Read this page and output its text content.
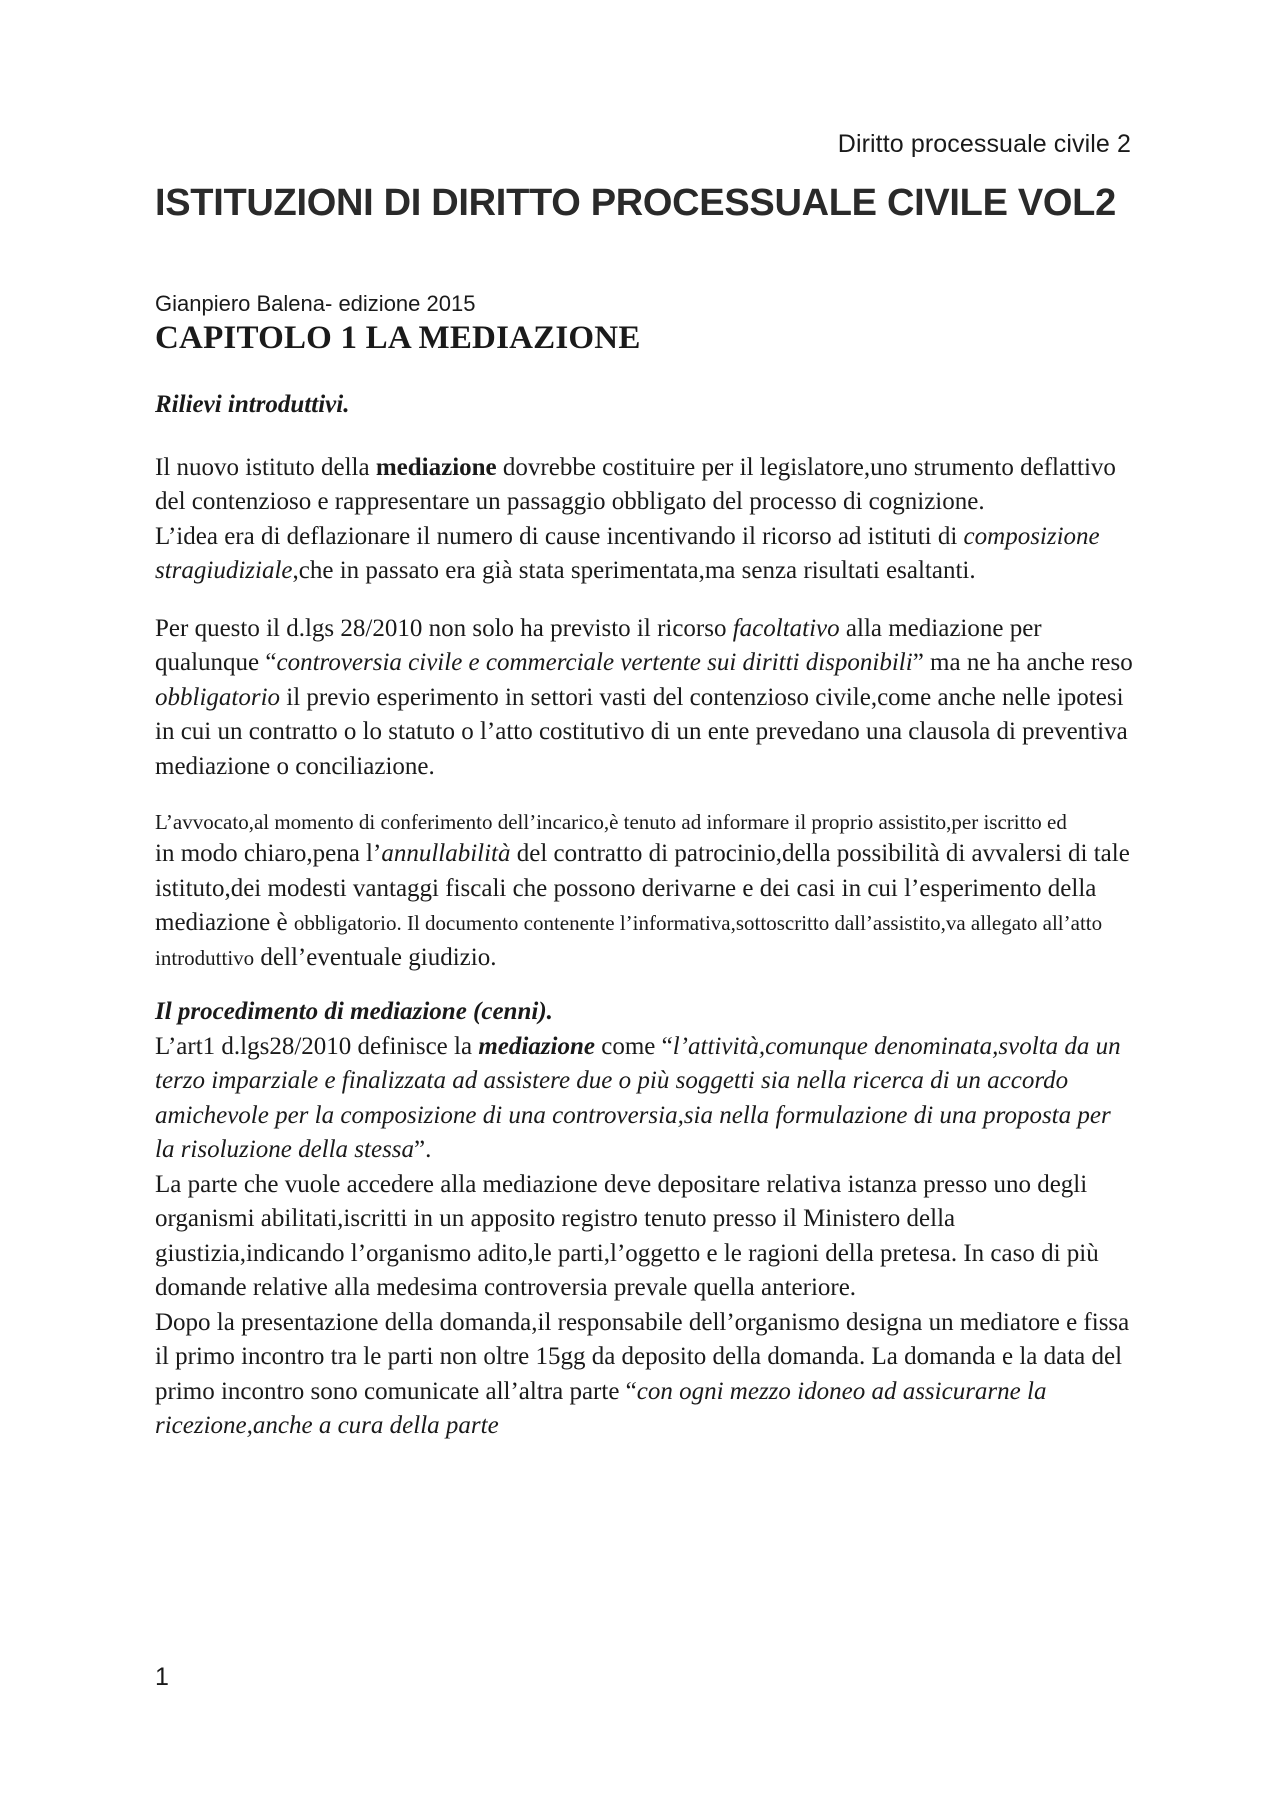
Diritto processuale civile 2
ISTITUZIONI DI DIRITTO PROCESSUALE CIVILE VOL2
Gianpiero Balena- edizione 2015
CAPITOLO 1 LA MEDIAZIONE

Rilievi introduttivi.

Il nuovo istituto della mediazione dovrebbe costituire per il legislatore,uno strumento deflattivo del contenzioso e rappresentare un passaggio obbligato del processo di cognizione.

L’idea era di deflazionare il numero di cause incentivando il ricorso ad istituti di composizione stragiudiziale,che in passato era già stata sperimentata,ma senza risultati esaltanti.

Per questo il d.lgs 28/2010 non solo ha previsto il ricorso facoltativo alla mediazione per qualunque “controversia civile e commerciale vertente sui diritti disponibili” ma ne ha anche reso obbligatorio il previo esperimento in settori vasti del contenzioso civile,come anche nelle ipotesi in cui un contratto o lo statuto o l’atto costitutivo di un ente prevedano una clausola di preventiva mediazione o conciliazione.

L’avvocato,al momento di conferimento dell’incarico,è tenuto ad informare il proprio assistito,per iscritto ed

in modo chiaro,pena l’annullabilità del contratto di patrocinio,della possibilità di avvalersi di tale istituto,dei modesti vantaggi fiscali che possono derivarne e dei casi in cui l’esperimento della mediazione è obbligatorio. Il documento contenente l’informativa,sottoscritto dall’assistito,va allegato all’atto introduttivo dell’eventuale giudizio.

Il procedimento di mediazione (cenni).

L’art1 d.lgs28/2010 definisce la mediazione come “l’attività,comunque denominata,svolta da un terzo imparziale e finalizzata ad assistere due o più soggetti sia nella ricerca di un accordo amichevole per la composizione di una controversia,sia nella formulazione di una proposta per la risoluzione della stessa”.

La parte che vuole accedere alla mediazione deve depositare relativa istanza presso uno degli organismi abilitati,iscritti in un apposito registro tenuto presso il Ministero della giustizia,indicando l’organismo adito,le parti,l’oggetto e le ragioni della pretesa. In caso di più domande relative alla medesima controversia prevale quella anteriore.

Dopo la presentazione della domanda,il responsabile dell’organismo designa un mediatore e fissa il primo incontro tra le parti non oltre 15gg da deposito della domanda. La domanda e la data del primo incontro sono comunicate all’altra parte “con ogni mezzo idoneo ad assicurarne la ricezione,anche a cura della parte

1
